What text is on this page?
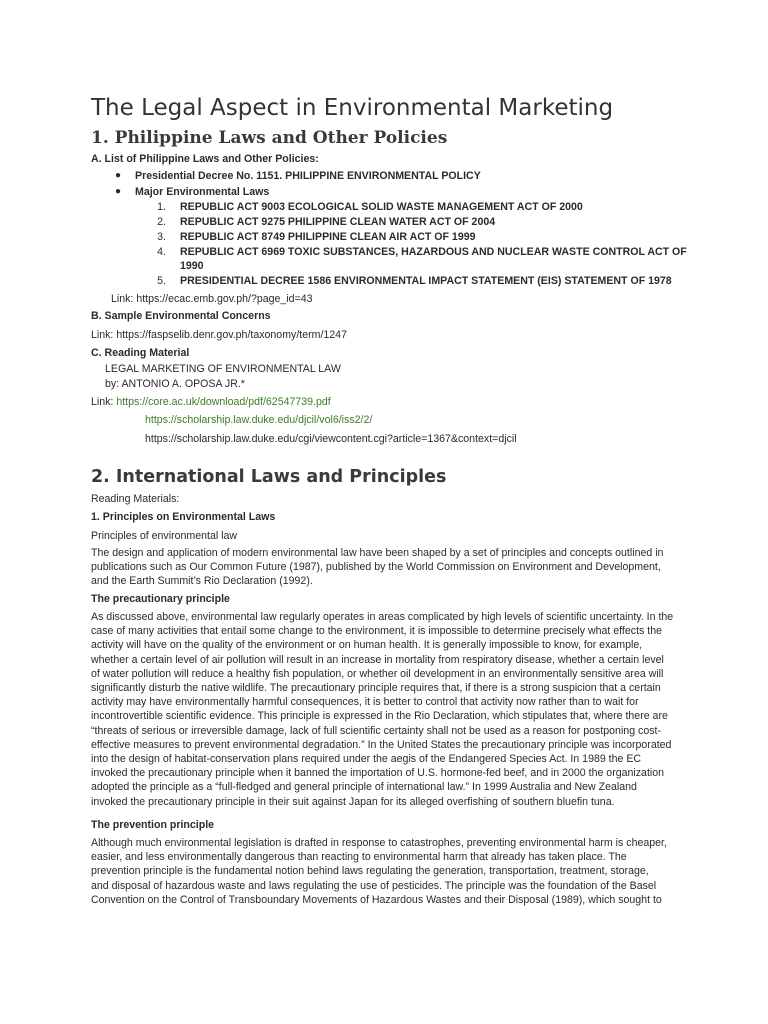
The Legal Aspect in Environmental Marketing
1. Philippine Laws and Other Policies
A. List of Philippine Laws and Other Policies:
● Presidential Decree No. 1151. PHILIPPINE ENVIRONMENTAL POLICY
● Major Environmental Laws
1. REPUBLIC ACT 9003 ECOLOGICAL SOLID WASTE MANAGEMENT ACT OF 2000
2. REPUBLIC ACT 9275 PHILIPPINE CLEAN WATER ACT OF 2004
3. REPUBLIC ACT 8749 PHILIPPINE CLEAN AIR ACT OF 1999
4. REPUBLIC ACT 6969 TOXIC SUBSTANCES, HAZARDOUS AND NUCLEAR WASTE CONTROL ACT OF
1990
5. PRESIDENTIAL DECREE 1586 ENVIRONMENTAL IMPACT STATEMENT (EIS) STATEMENT OF 1978
Link: https://ecac.emb.gov.ph/?page_id=43
B. Sample Environmental Concerns
Link: https://faspselib.denr.gov.ph/taxonomy/term/1247
C. Reading Material
LEGAL MARKETING OF ENVIRONMENTAL LAW
by: ANTONIO A. OPOSA JR.*
Link: https://core.ac.uk/download/pdf/62547739.pdf
https://scholarship.law.duke.edu/djcil/vol6/iss2/2/
https://scholarship.law.duke.edu/cgi/viewcontent.cgi?article=1367&context=djcil
2. International Laws and Principles
Reading Materials:
1. Principles on Environmental Laws
Principles of environmental law
The design and application of modern environmental law have been shaped by a set of principles and concepts outlined in
publications such as Our Common Future (1987), published by the World Commission on Environment and Development,
and the Earth Summit’s Rio Declaration (1992).
The precautionary principle
As discussed above, environmental law regularly operates in areas complicated by high levels of scientific uncertainty. In the
case of many activities that entail some change to the environment, it is impossible to determine precisely what effects the
activity will have on the quality of the environment or on human health. It is generally impossible to know, for example,
whether a certain level of air pollution will result in an increase in mortality from respiratory disease, whether a certain level
of water pollution will reduce a healthy fish population, or whether oil development in an environmentally sensitive area will
significantly disturb the native wildlife. The precautionary principle requires that, if there is a strong suspicion that a certain
activity may have environmentally harmful consequences, it is better to control that activity now rather than to wait for
incontrovertible scientific evidence. This principle is expressed in the Rio Declaration, which stipulates that, where there are
“threats of serious or irreversible damage, lack of full scientific certainty shall not be used as a reason for postponing cost-
effective measures to prevent environmental degradation.” In the United States the precautionary principle was incorporated
into the design of habitat-conservation plans required under the aegis of the Endangered Species Act. In 1989 the EC
invoked the precautionary principle when it banned the importation of U.S. hormone-fed beef, and in 2000 the organization
adopted the principle as a “full-fledged and general principle of international law.” In 1999 Australia and New Zealand
invoked the precautionary principle in their suit against Japan for its alleged overfishing of southern bluefin tuna.
The prevention principle
Although much environmental legislation is drafted in response to catastrophes, preventing environmental harm is cheaper,
easier, and less environmentally dangerous than reacting to environmental harm that already has taken place. The
prevention principle is the fundamental notion behind laws regulating the generation, transportation, treatment, storage,
and disposal of hazardous waste and laws regulating the use of pesticides. The principle was the foundation of the Basel
Convention on the Control of Transboundary Movements of Hazardous Wastes and their Disposal (1989), which sought to
